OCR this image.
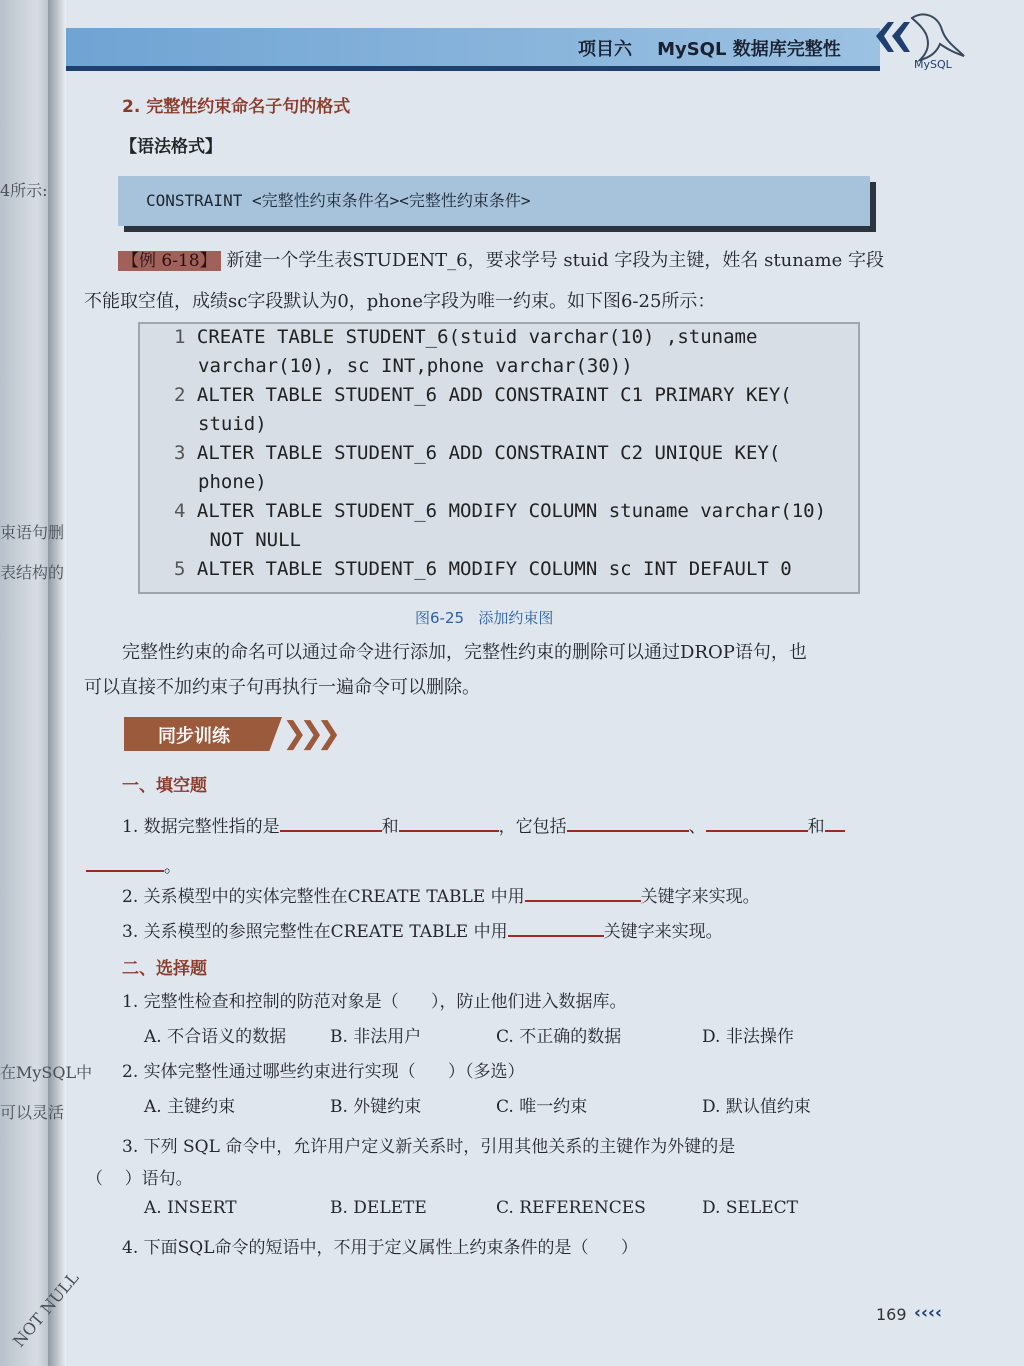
4所示:
束语句删
表结构的
在MySQL中
可以灵活
NOT NULL
项目六    MySQL 数据库完整性
MySQL
2. 完整性约束命名子句的格式
【语法格式】
CONSTRAINT <完整性约束条件名><完整性约束条件>
【例 6-18】 新建一个学生表STUDENT_6，要求学号 stuid 字段为主键，姓名 stuname 字段
不能取空值，成绩sc字段默认为0，phone字段为唯一约束。如下图6-25所示：
1 CREATE TABLE STUDENT_6(stuid varchar(10) ,stuname
varchar(10), sc INT,phone varchar(30))
2 ALTER TABLE STUDENT_6 ADD CONSTRAINT C1 PRIMARY KEY(
stuid)
3 ALTER TABLE STUDENT_6 ADD CONSTRAINT C2 UNIQUE KEY(
phone)
4 ALTER TABLE STUDENT_6 MODIFY COLUMN stuname varchar(10)
NOT NULL
5 ALTER TABLE STUDENT_6 MODIFY COLUMN sc INT DEFAULT 0
图6-25   添加约束图
完整性约束的命名可以通过命令进行添加，完整性约束的删除可以通过DROP语句，也
可以直接不加约束子句再执行一遍命令可以删除。
同步训练 ❯❯❯
一、填空题
1. 数据完整性指的是	和	，它包括	、	和
。
2. 关系模型中的实体完整性在CREATE TABLE 中用	关键字来实现。
3. 关系模型的参照完整性在CREATE TABLE 中用	关键字来实现。
二、选择题
1. 完整性检查和控制的防范对象是（      ），防止他们进入数据库。
A. 不合语义的数据	B. 非法用户	C. 不正确的数据	D. 非法操作
2. 实体完整性通过哪些约束进行实现（      ）（多选）
A. 主键约束	B. 外键约束	C. 唯一约束	D. 默认值约束
3. 下列 SQL 命令中，允许用户定义新关系时，引用其他关系的主键作为外键的是
（    ）语句。
A. INSERT	B. DELETE	C. REFERENCES	D. SELECT
4. 下面SQL命令的短语中，不用于定义属性上约束条件的是（      ）
169 ‹‹‹‹
